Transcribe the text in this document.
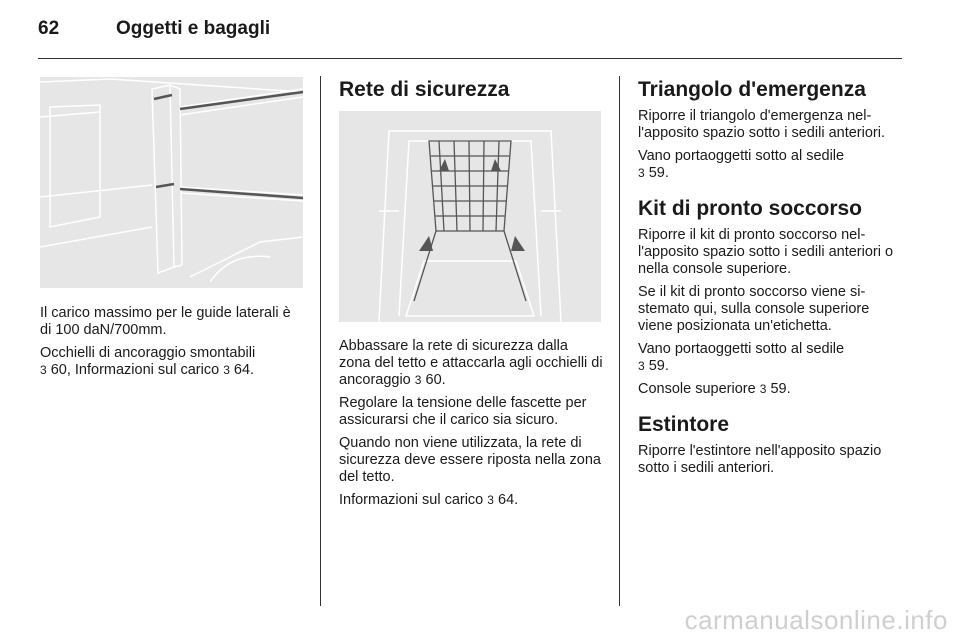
62	Oggetti e bagagli

Il carico massimo per le guide laterali è di 100 daN/700mm.

Occhielli di ancoraggio smontabili
3 60, Informazioni sul carico 3 64.

Rete di sicurezza

Abbassare la rete di sicurezza dalla zona del tetto e attaccarla agli occhielli di ancoraggio 3 60.

Regolare la tensione delle fascette per assicurarsi che il carico sia sicuro.

Quando non viene utilizzata, la rete di sicurezza deve essere riposta nella zona del tetto.

Informazioni sul carico 3 64.

Triangolo d'emergenza

Riporre il triangolo d'emergenza nell'apposito spazio sotto i sedili anteriori.

Vano portaoggetti sotto al sedile
3 59.

Kit di pronto soccorso

Riporre il kit di pronto soccorso nell'apposito spazio sotto i sedili anteriori o nella console superiore.

Se il kit di pronto soccorso viene sistemato qui, sulla console superiore viene posizionata un'etichetta.

Vano portaoggetti sotto al sedile
3 59.

Console superiore 3 59.

Estintore

Riporre l'estintore nell'apposito spazio sotto i sedili anteriori.

carmanualsonline.info
